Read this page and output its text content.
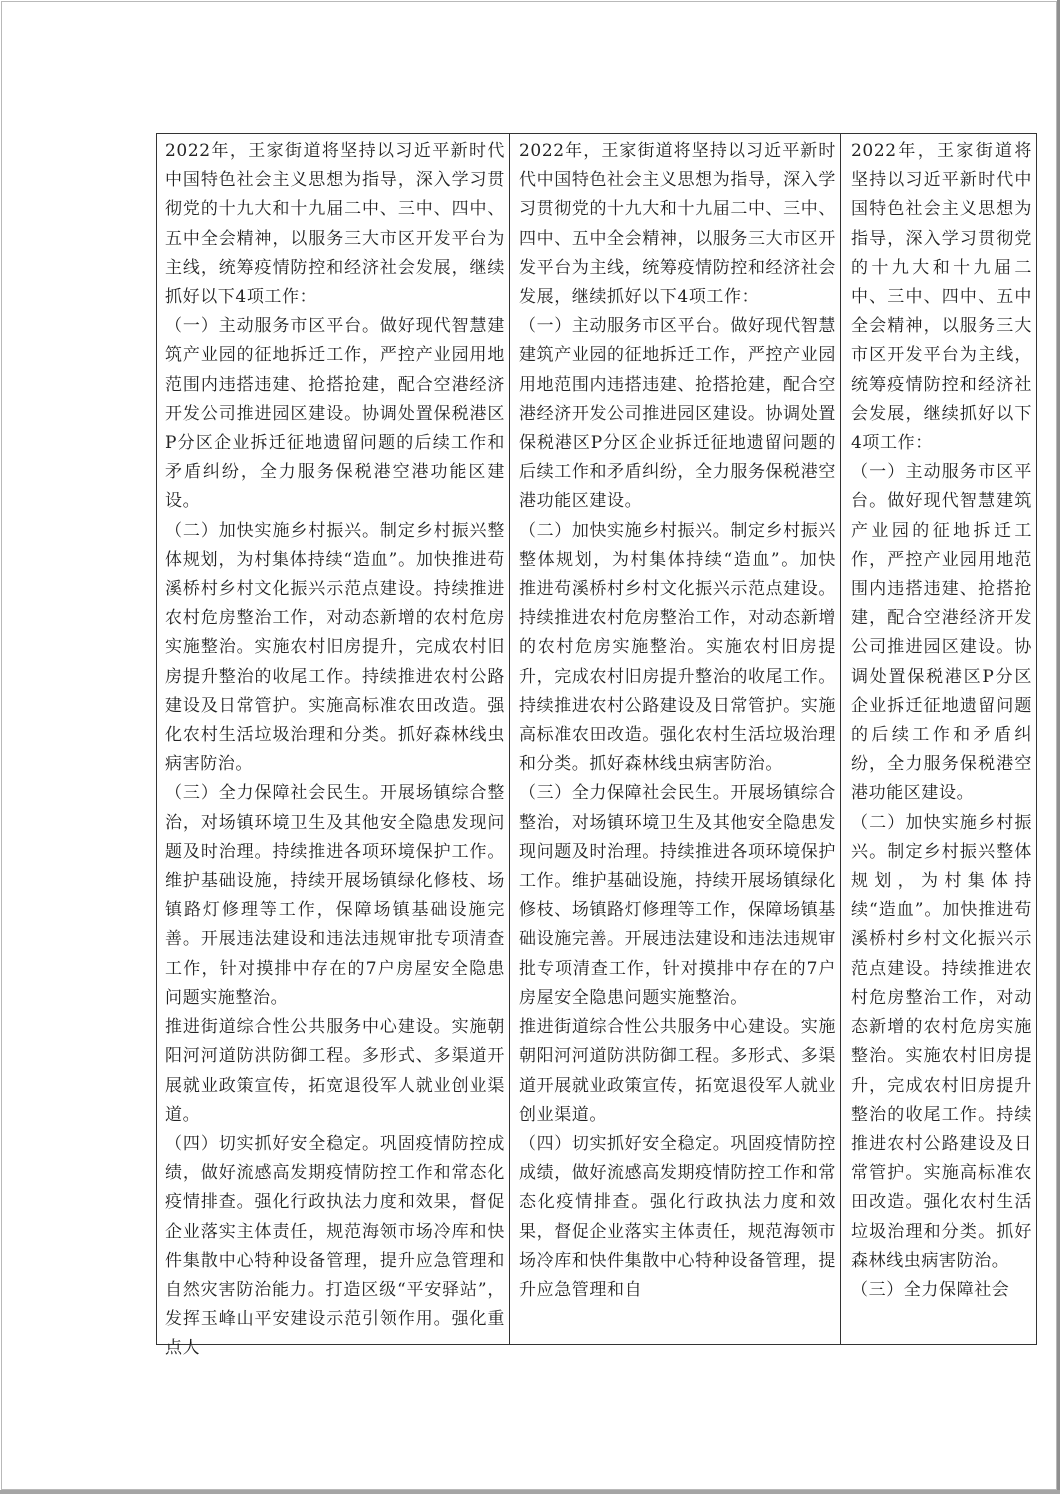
2022年，王家街道将坚持以习近平新时代中国特色社会主义思想为指导，深入学习贯彻党的十九大和十九届二中、三中、四中、五中全会精神，以服务三大市区开发平台为主线，统筹疫情防控和经济社会发展，继续抓好以下4项工作：

（一）主动服务市区平台。做好现代智慧建筑产业园的征地拆迁工作，严控产业园用地范围内违搭违建、抢搭抢建，配合空港经济开发公司推进园区建设。协调处置保税港区P分区企业拆迁征地遗留问题的后续工作和矛盾纠纷，全力服务保税港空港功能区建设。

（二）加快实施乡村振兴。制定乡村振兴整体规划，为村集体持续“造血”。加快推进苟溪桥村乡村文化振兴示范点建设。持续推进农村危房整治工作，对动态新增的农村危房实施整治。实施农村旧房提升，完成农村旧房提升整治的收尾工作。持续推进农村公路建设及日常管护。实施高标准农田改造。强化农村生活垃圾治理和分类。抓好森林线虫病害防治。

（三）全力保障社会民生。开展场镇综合整治，对场镇环境卫生及其他安全隐患发现问题及时治理。持续推进各项环境保护工作。维护基础设施，持续开展场镇绿化修枝、场镇路灯修理等工作，保障场镇基础设施完善。开展违法建设和违法违规审批专项清查工作，针对摸排中存在的7户房屋安全隐患问题实施整治。

推进街道综合性公共服务中心建设。实施朝阳河河道防洪防御工程。多形式、多渠道开展就业政策宣传，拓宽退役军人就业创业渠道。

（四）切实抓好安全稳定。巩固疫情防控成绩，做好流感高发期疫情防控工作和常态化疫情排查。强化行政执法力度和效果，督促企业落实主体责任，规范海领市场冷库和快件集散中心特种设备管理，提升应急管理和自然灾害防治能力。打造区级“平安驿站”，发挥玉峰山平安建设示范引领作用。强化重点人

2022年，王家街道将坚持以习近平新时代中国特色社会主义思想为指导，深入学习贯彻党的十九大和十九届二中、三中、四中、五中全会精神，以服务三大市区开发平台为主线，统筹疫情防控和经济社会发展，继续抓好以下4项工作：

（一）主动服务市区平台。做好现代智慧建筑产业园的征地拆迁工作，严控产业园用地范围内违搭违建、抢搭抢建，配合空港经济开发公司推进园区建设。协调处置保税港区P分区企业拆迁征地遗留问题的后续工作和矛盾纠纷，全力服务保税港空港功能区建设。

（二）加快实施乡村振兴。制定乡村振兴整体规划，为村集体持续“造血”。加快推进苟溪桥村乡村文化振兴示范点建设。持续推进农村危房整治工作，对动态新增的农村危房实施整治。实施农村旧房提升，完成农村旧房提升整治的收尾工作。持续推进农村公路建设及日常管护。实施高标准农田改造。强化农村生活垃圾治理和分类。抓好森林线虫病害防治。

（三）全力保障社会民生。开展场镇综合整治，对场镇环境卫生及其他安全隐患发现问题及时治理。持续推进各项环境保护工作。维护基础设施，持续开展场镇绿化修枝、场镇路灯修理等工作，保障场镇基础设施完善。开展违法建设和违法违规审批专项清查工作，针对摸排中存在的7户房屋安全隐患问题实施整治。

推进街道综合性公共服务中心建设。实施朝阳河河道防洪防御工程。多形式、多渠道开展就业政策宣传，拓宽退役军人就业创业渠道。

（四）切实抓好安全稳定。巩固疫情防控成绩，做好流感高发期疫情防控工作和常态化疫情排查。强化行政执法力度和效果，督促企业落实主体责任，规范海领市场冷库和快件集散中心特种设备管理，提升应急管理和自

2022年，王家街道将坚持以习近平新时代中国特色社会主义思想为指导，深入学习贯彻党的十九大和十九届二中、三中、四中、五中全会精神，以服务三大市区开发平台为主线，统筹疫情防控和经济社会发展，继续抓好以下4项工作：

（一）主动服务市区平台。做好现代智慧建筑产业园的征地拆迁工作，严控产业园用地范围内违搭违建、抢搭抢建，配合空港经济开发公司推进园区建设。协调处置保税港区P分区企业拆迁征地遗留问题的后续工作和矛盾纠纷，全力服务保税港空港功能区建设。

（二）加快实施乡村振兴。制定乡村振兴整体规划，为村集体持续“造血”。加快推进苟溪桥村乡村文化振兴示范点建设。持续推进农村危房整治工作，对动态新增的农村危房实施整治。实施农村旧房提升，完成农村旧房提升整治的收尾工作。持续推进农村公路建设及日常管护。实施高标准农田改造。强化农村生活垃圾治理和分类。抓好森林线虫病害防治。

（三）全力保障社会
